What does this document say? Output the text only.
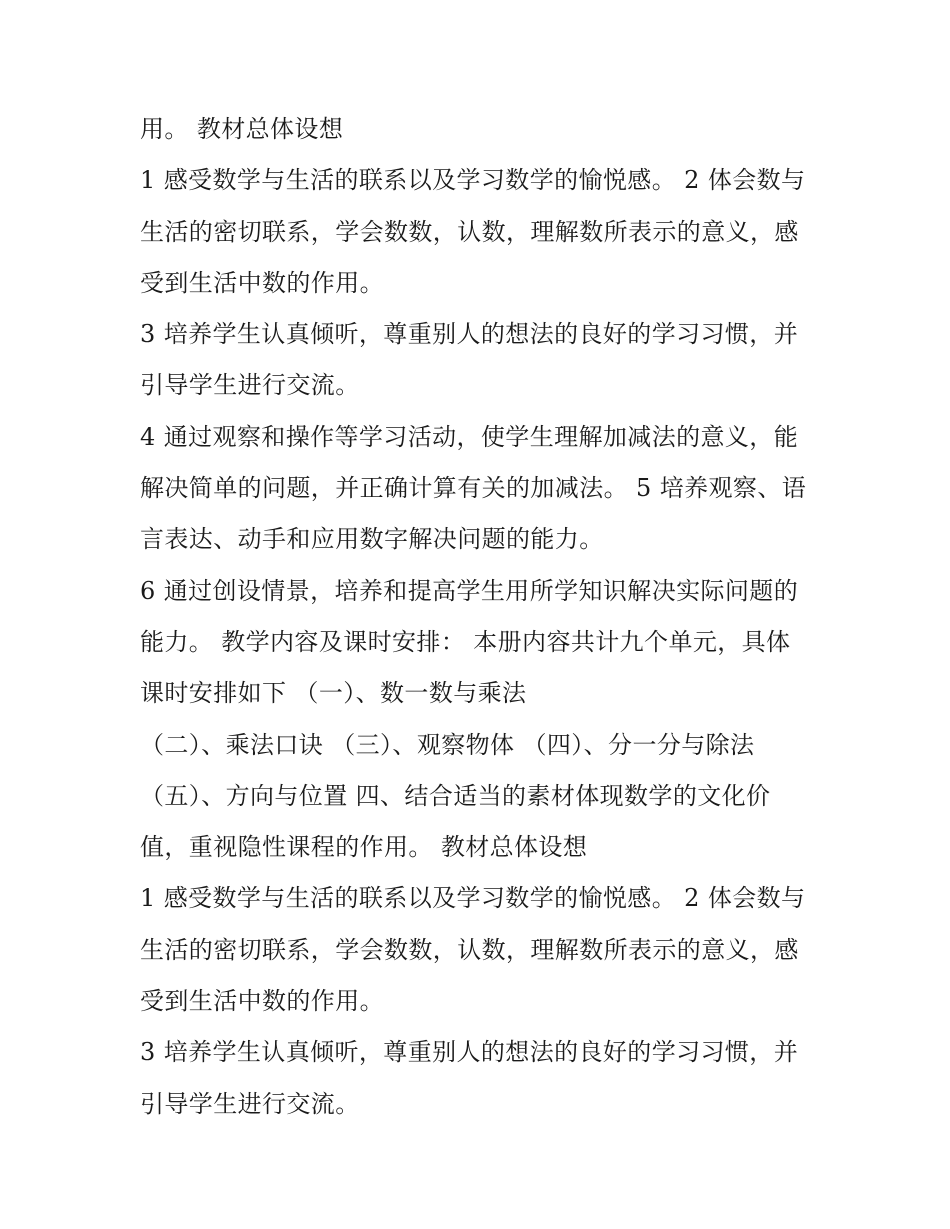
用。 教材总体设想

1 感受数学与生活的联系以及学习数学的愉悦感。 2 体会数与

生活的密切联系，学会数数，认数，理解数所表示的意义，感

受到生活中数的作用。

3 培养学生认真倾听，尊重别人的想法的良好的学习习惯，并

引导学生进行交流。

4 通过观察和操作等学习活动，使学生理解加减法的意义，能

解决简单的问题，并正确计算有关的加减法。 5 培养观察、语

言表达、动手和应用数字解决问题的能力。

6 通过创设情景，培养和提高学生用所学知识解决实际问题的

能力。 教学内容及课时安排： 本册内容共计九个单元，具体

课时安排如下 （一）、数一数与乘法

（二）、乘法口诀 （三）、观察物体 （四）、分一分与除法

（五）、方向与位置 四、结合适当的素材体现数学的文化价

值，重视隐性课程的作用。 教材总体设想

1 感受数学与生活的联系以及学习数学的愉悦感。 2 体会数与

生活的密切联系，学会数数，认数，理解数所表示的意义，感

受到生活中数的作用。

3 培养学生认真倾听，尊重别人的想法的良好的学习习惯，并

引导学生进行交流。
